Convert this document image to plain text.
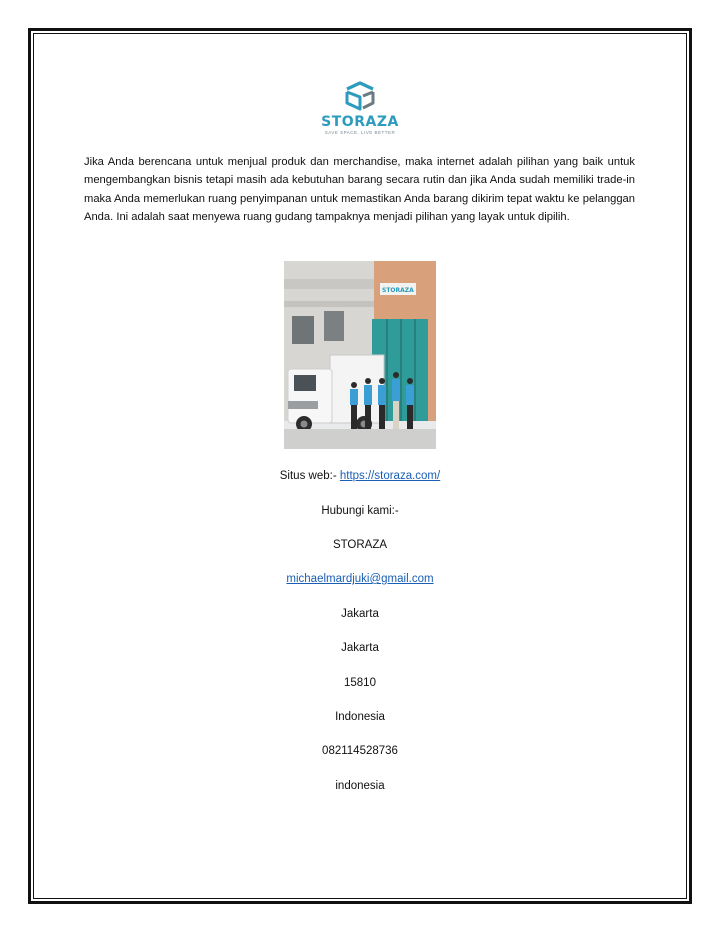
STORAZA
SAVE SPACE, LIVE BETTER

Jika Anda berencana untuk menjual produk dan merchandise, maka internet adalah pilihan yang baik untuk mengembangkan bisnis tetapi masih ada kebutuhan barang secara rutin dan jika Anda sudah memiliki trade-in maka Anda memerlukan ruang penyimpanan untuk memastikan Anda barang dikirim tepat waktu ke pelanggan Anda. Ini adalah saat menyewa ruang gudang tampaknya menjadi pilihan yang layak untuk dipilih.

STORAZA
Situs web:- https://storaza.com/
Hubungi kami:-
STORAZA
michaelmardjuki@gmail.com
Jakarta
Jakarta
15810
Indonesia
082114528736
indonesia
